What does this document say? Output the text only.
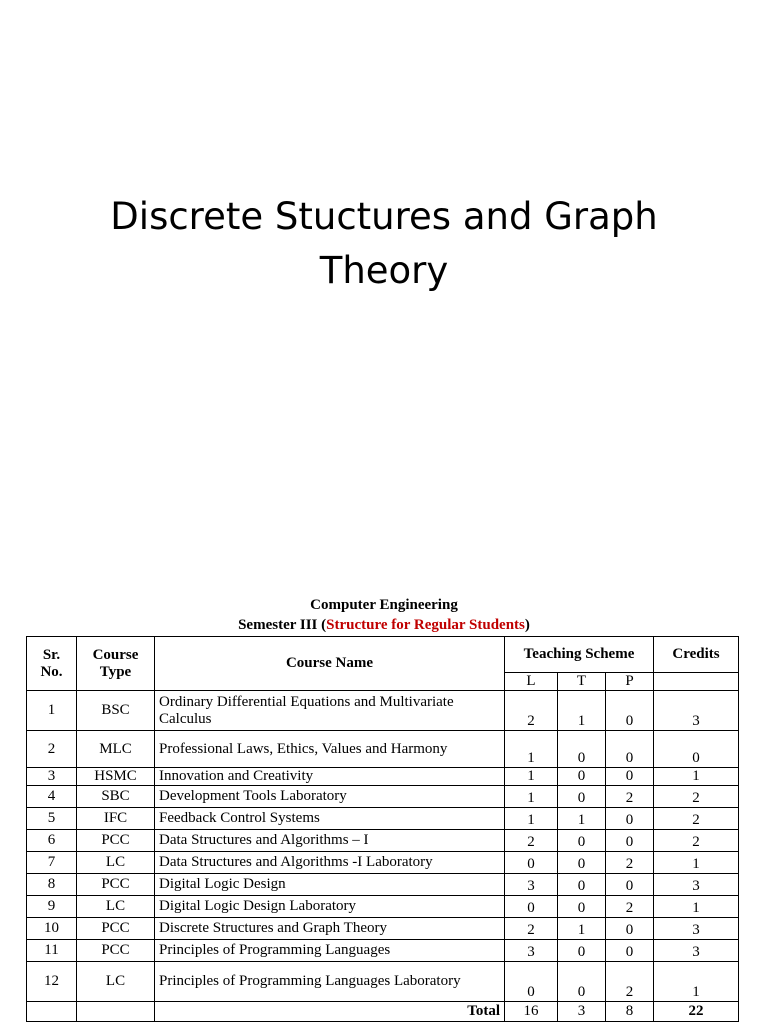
Discrete Stuctures and Graph Theory
Computer Engineering
Semester III (Structure for Regular Students)
Sr. No.	Course Type	Course Name	Teaching Scheme			Credits
			L	T	P	
1	BSC	Ordinary Differential Equations and Multivariate Calculus	2	1	0	3
2	MLC	Professional Laws, Ethics, Values and Harmony	1	0	0	0
3	HSMC	Innovation and Creativity	1	0	0	1
4	SBC	Development Tools Laboratory	1	0	2	2
5	IFC	Feedback Control Systems	1	1	0	2
6	PCC	Data Structures and Algorithms – I	2	0	0	2
7	LC	Data Structures and Algorithms -I Laboratory	0	0	2	1
8	PCC	Digital Logic Design	3	0	0	3
9	LC	Digital Logic Design Laboratory	0	0	2	1
10	PCC	Discrete Structures and Graph Theory	2	1	0	3
11	PCC	Principles of Programming Languages	3	0	0	3
12	LC	Principles of Programming Languages Laboratory	0	0	2	1
		Total	16	3	8	22
